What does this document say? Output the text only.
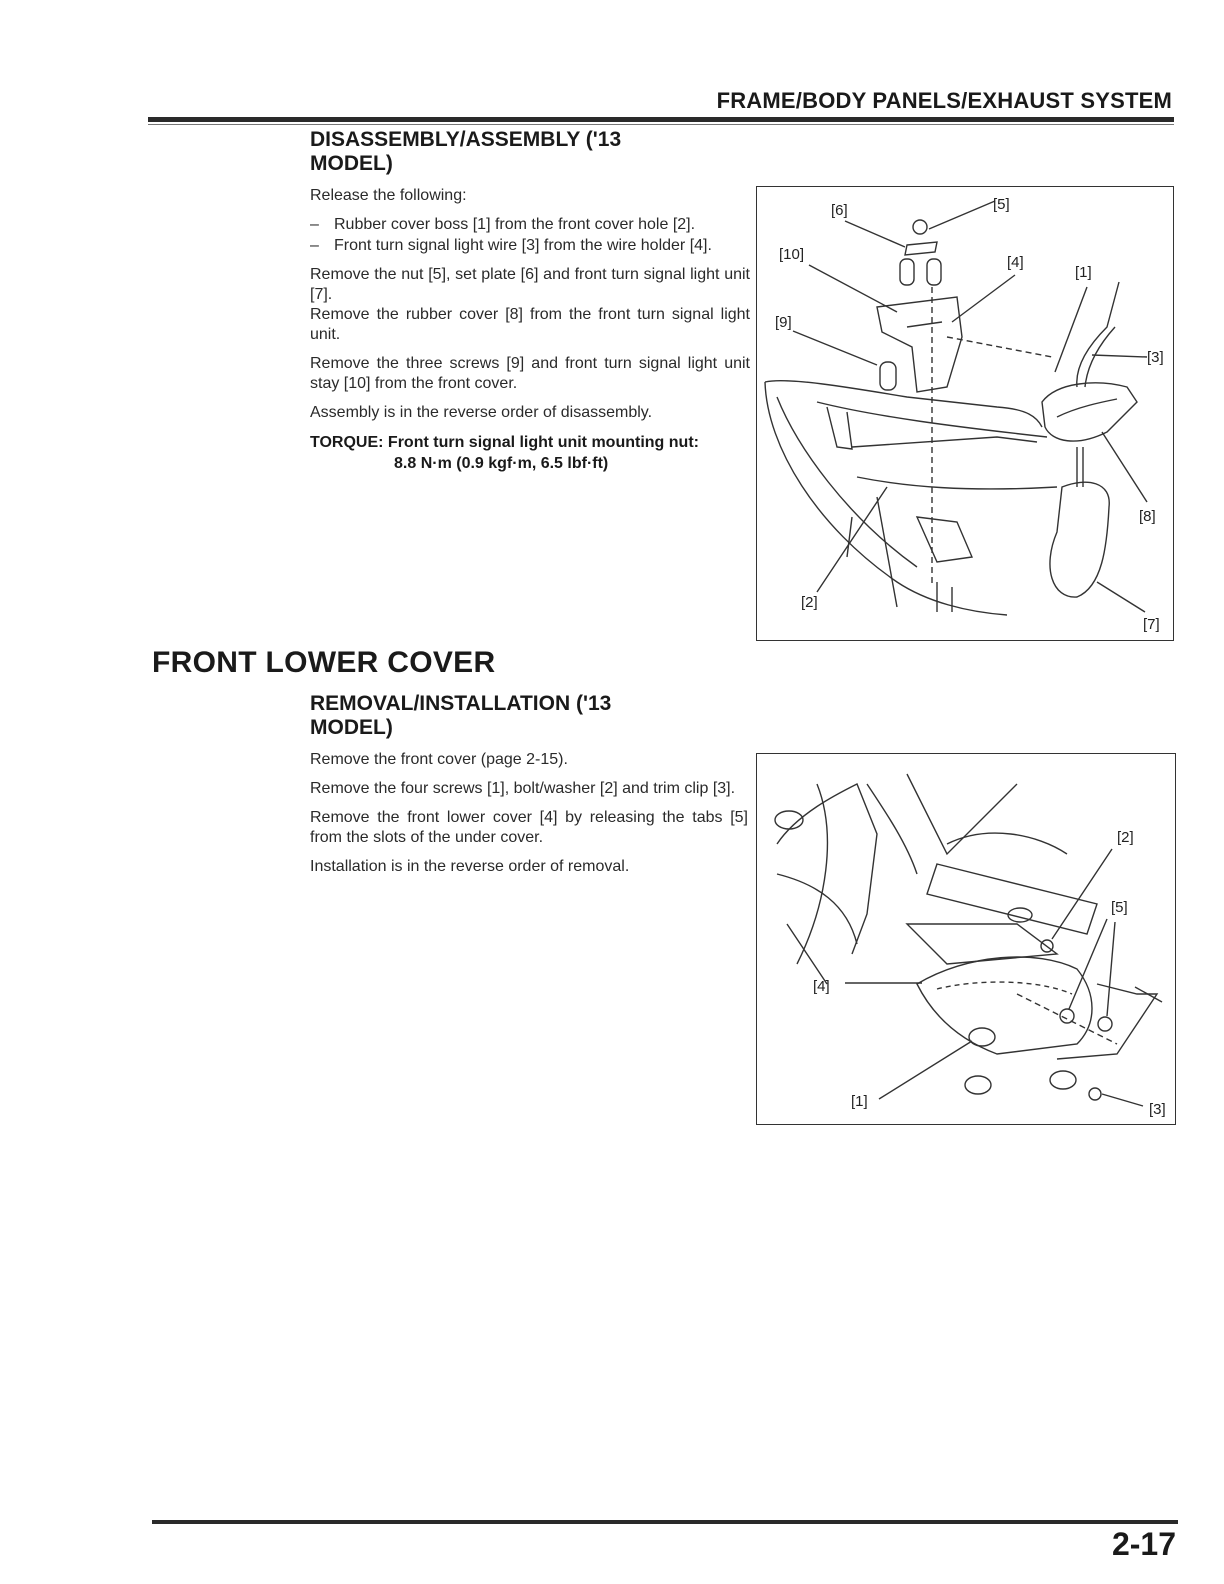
FRAME/BODY PANELS/EXHAUST SYSTEM
DISASSEMBLY/ASSEMBLY ('13 MODEL)

Release the following:

– Rubber cover boss [1] from the front cover hole [2].
– Front turn signal light wire [3] from the wire holder [4].

Remove the nut [5], set plate [6] and front turn signal light unit [7].

Remove the rubber cover [8] from the front turn signal light unit.

Remove the three screws [9] and front turn signal light unit stay [10] from the front cover.

Assembly is in the reverse order of disassembly.

TORQUE: Front turn signal light unit mounting nut:
8.8 N·m (0.9 kgf·m, 6.5 lbf·ft)
[6]	[5]
[10]	[4]
[1]
[9]
[3]
[8]
[2]
[7]
FRONT LOWER COVER
REMOVAL/INSTALLATION ('13 MODEL)

Remove the front cover (page 2-15).

Remove the four screws [1], bolt/washer [2] and trim clip [3].

Remove the front lower cover [4] by releasing the tabs [5] from the slots of the under cover.

Installation is in the reverse order of removal.

[2]
[5]
[4]
[1]	[3]
2-17
